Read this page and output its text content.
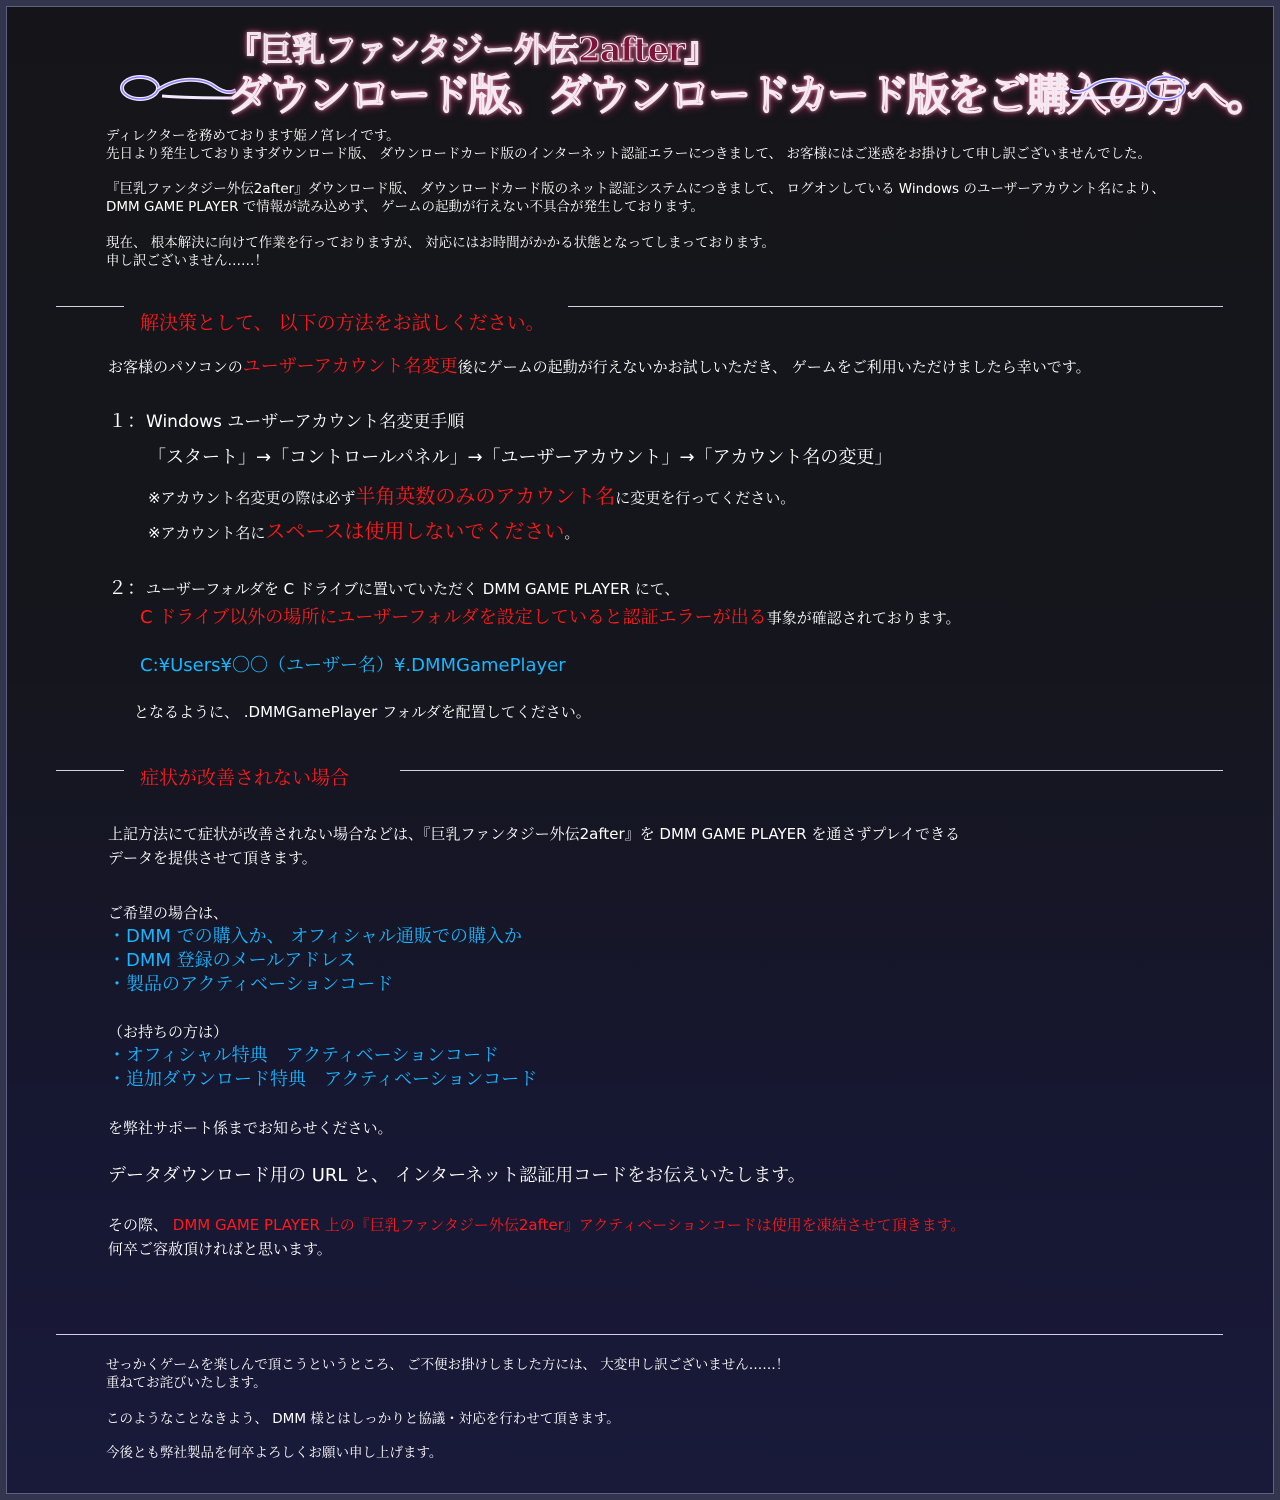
『巨乳ファンタジー外伝2after』
ダウンロード版、ダウンロードカード版をご購入の方へ。
ディレクターを務めております姫ノ宮レイです。
先日より発生しておりますダウンロード版、 ダウンロードカード版のインターネット認証エラーにつきまして、 お客様にはご迷惑をお掛けして申し訳ございませんでした。
『巨乳ファンタジー外伝2after』ダウンロード版、 ダウンロードカード版のネット認証システムにつきまして、 ログオンしている Windows のユーザーアカウント名により、
DMM GAME PLAYER で情報が読み込めず、 ゲームの起動が行えない不具合が発生しております。
現在、 根本解決に向けて作業を行っておりますが、 対応にはお時間がかかる状態となってしまっております。
申し訳ございません……！
解決策として、 以下の方法をお試しください。
お客様のパソコンのユーザーアカウント名変更後にゲームの起動が行えないかお試しいただき、 ゲームをご利用いただけましたら幸いです。
１：Windows ユーザーアカウント名変更手順
「スタート」→「コントロールパネル」→「ユーザーアカウント」→「アカウント名の変更」
※アカウント名変更の際は必ず半角英数のみのアカウント名に変更を行ってください。
※アカウント名にスペースは使用しないでください。
２：ユーザーフォルダを C ドライブに置いていただく DMM GAME PLAYER にて、
C ドライブ以外の場所にユーザーフォルダを設定していると認証エラーが出る事象が確認されております。
C:¥Users¥〇〇（ユーザー名）¥.DMMGamePlayer
となるように、 .DMMGamePlayer フォルダを配置してください。
症状が改善されない場合
上記方法にて症状が改善されない場合などは、『巨乳ファンタジー外伝2after』を DMM GAME PLAYER を通さずプレイできる
データを提供させて頂きます。
ご希望の場合は、
・DMM での購入か、 オフィシャル通販での購入か
・DMM 登録のメールアドレス
・製品のアクティベーションコード
（お持ちの方は）
・オフィシャル特典　アクティベーションコード
・追加ダウンロード特典　アクティベーションコード
を弊社サポート係までお知らせください。
データダウンロード用の URL と、 インターネット認証用コードをお伝えいたします。
その際、 DMM GAME PLAYER 上の『巨乳ファンタジー外伝2after』アクティベーションコードは使用を凍結させて頂きます。
何卒ご容赦頂ければと思います。
せっかくゲームを楽しんで頂こうというところ、 ご不便お掛けしました方には、 大変申し訳ございません……！
重ねてお詫びいたします。
このようなことなきよう、 DMM 様とはしっかりと協議・対応を行わせて頂きます。
今後とも弊社製品を何卒よろしくお願い申し上げます。
